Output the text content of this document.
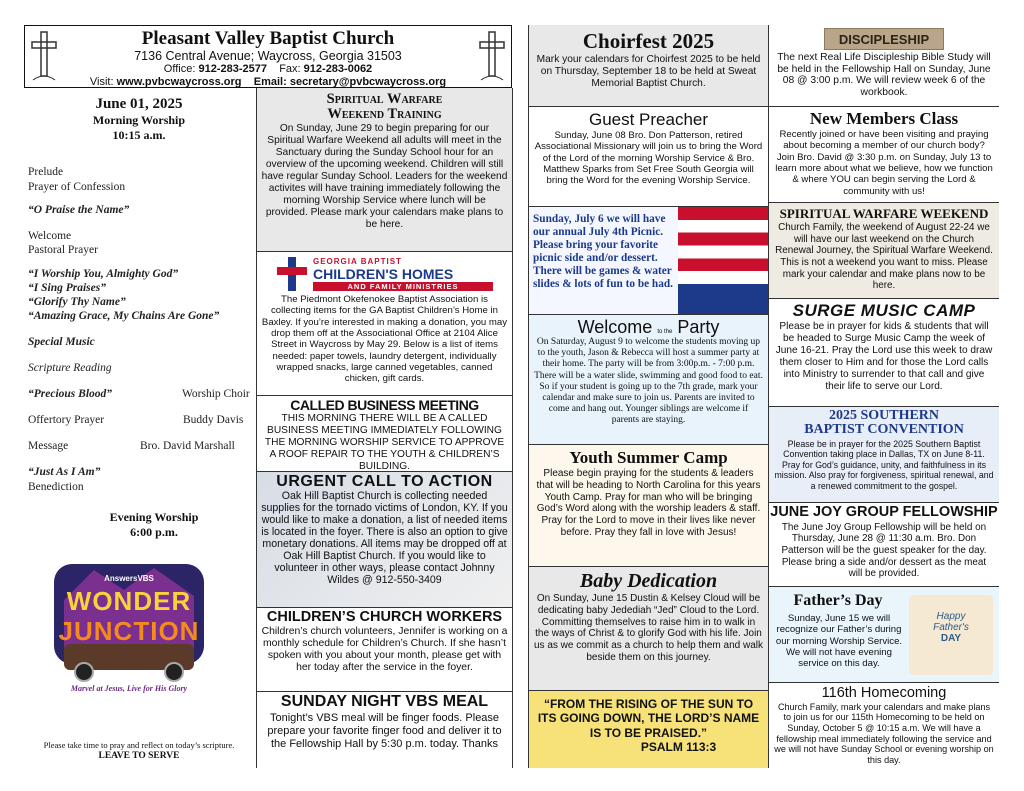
Pleasant Valley Baptist Church
7136 Central Avenue; Waycross, Georgia 31503
Office: 912-283-2577 Fax: 912-283-0062
Visit: www.pvbcwaycross.org Email: secretary@pvbcwaycross.org
June 01, 2025
Morning Worship
10:15 a.m.
Prelude
Prayer of Confession
“O Praise the Name”
Welcome
Pastoral Prayer
“I Worship You, Almighty God”
“I Sing Praises”
“Glorify Thy Name”
“Amazing Grace, My Chains Are Gone”
Special Music
Scripture Reading
“Precious Blood”	Worship Choir
Offertory Prayer	Buddy Davis
Message	Bro. David Marshall
“Just As I Am”
Benediction
Evening Worship
6:00 p.m.
AnswersVBS
WONDER
JUNCTION
Marvel at Jesus, Live for His Glory
Please take time to pray and reflect on today’s scripture.
LEAVE TO SERVE
Spiritual Warfare
Weekend Training
On Sunday, June 29 to begin preparing for our Spiritual Warfare Weekend all adults will meet in the Sanctuary during the Sunday School hour for an overview of the upcoming weekend. Children will still have regular Sunday School. Leaders for the weekend activites will have training immediately following the morning Worship Service where lunch will be provided. Please mark your calendars make plans to be here.
GEORGIA BAPTIST
CHILDREN'S HOMES
AND FAMILY MINISTRIES
The Piedmont Okefenokee Baptist Association is collecting items for the GA Baptist Children’s Home in Baxley. If you’re interested in making a donation, you may drop them off at the Associational Office at 2104 Alice Street in Waycross by May 29. Below is a list of items needed: paper towels, laundry detergent, individually wrapped snacks, large canned vegetables, canned chicken, gift cards.
CALLED BUSINESS MEETING
THIS MORNING THERE WILL BE A CALLED BUSINESS MEETING IMMEDIATELY FOLLOWING THE MORNING WORSHIP SERVICE TO APPROVE A ROOF REPAIR TO THE YOUTH & CHILDREN’S BUILDING.
URGENT CALL TO ACTION
Oak Hill Baptist Church is collecting needed supplies for the tornado victims of London, KY. If you would like to make a donation, a list of needed items is located in the foyer. There is also an option to give monetary donations. All items may be dropped off at Oak Hill Baptist Church. If you would like to volunteer in other ways, please contact Johnny Wildes @ 912-550-3409
CHILDREN’S CHURCH WORKERS
Children’s church volunteers, Jennifer is working on a monthly schedule for Children’s Church. If she hasn’t spoken with you about your month, please get with her today after the service in the foyer.
SUNDAY NIGHT VBS MEAL
Tonight’s VBS meal will be finger foods. Please prepare your favorite finger food and deliver it to the Fellowship Hall by 5:30 p.m. today. Thanks
Choirfest 2025
Mark your calendars for Choirfest 2025 to be held on Thursday, September 18 to be held at Sweat Memorial Baptist Church.
Guest Preacher
Sunday, June 08 Bro. Don Patterson, retired Associational Missionary will join us to bring the Word of the Lord of the morning Worship Service & Bro. Matthew Sparks from Set Free South Georgia will bring the Word for the evening Worship Service.
Sunday, July 6 we will have our annual July 4th Picnic. Please bring your favorite picnic side and/or dessert. There will be games & water slides & lots of fun to be had.
Welcome to the Party
On Saturday, August 9 to welcome the students moving up to the youth, Jason & Rebecca will host a summer party at their home. The party will be from 3:00p.m. - 7:00 p.m. There will be a water slide, swimming and good food to eat. So if your student is going up to the 7th grade, mark your calendar and make sure to join us. Parents are invited to come and hang out. Younger siblings are welcome if parents are staying.
Youth Summer Camp
Please begin praying for the students & leaders that will be heading to North Carolina for this years Youth Camp. Pray for man who will be bringing God’s Word along with the worship leaders & staff. Pray for the Lord to move in their lives like never before. Pray they fall in love with Jesus!
Baby Dedication
On Sunday, June 15 Dustin & Kelsey Cloud will be dedicating baby Jedediah “Jed” Cloud to the Lord. Committing themselves to raise him in to walk in the ways of Christ & to glorify God with his life. Join us as we commit as a church to help them and walk beside them on this journey.
“FROM THE RISING OF THE SUN TO ITS GOING DOWN, THE LORD’S NAME IS TO BE PRAISED.”
PSALM 113:3
DISCIPLESHIP
The next Real Life Discipleship Bible Study will be held in the Fellowship Hall on Sunday, June 08 @ 3:00 p.m. We will review week 6 of the workbook.
New Members Class
Recently joined or have been visiting and praying about becoming a member of our church body? Join Bro. David @ 3:30 p.m. on Sunday, July 13 to learn more about what we believe, how we function & where YOU can begin serving the Lord & community with us!
SPIRITUAL WARFARE WEEKEND
Church Family, the weekend of August 22-24 we will have our last weekend on the Church Renewal Journey, the Spiritual Warfare Weekend. This is not a weekend you want to miss. Please mark your calendar and make plans now to be here.
SURGE MUSIC CAMP
Please be in prayer for kids & students that will be headed to Surge Music Camp the week of June 16-21. Pray the Lord use this week to draw them closer to Him and for those the Lord calls into Ministry to surrender to that call and give their life to serve our Lord.
2025 SOUTHERN
BAPTIST CONVENTION
Please be in prayer for the 2025 Southern Baptist Convention taking place in Dallas, TX on June 8-11. Pray for God’s guidance, unity, and faithfulness in its mission. Also pray for forgiveness, spiritual renewal, and a renewed commitment to the gospel.
JUNE JOY GROUP FELLOWSHIP
The June Joy Group Fellowship will be held on Thursday, June 28 @ 11:30 a.m. Bro. Don Patterson will be the guest speaker for the day. Please bring a side and/or dessert as the meat will be provided.
Father’s Day
Sunday, June 15 we will recognize our Father’s during our morning Worship Service. We will not have evening service on this day.
Happy
Father's
DAY
116th Homecoming
Church Family, mark your calendars and make plans to join us for our 115th Homecoming to be held on Sunday, October 5 @ 10:15 a.m. We will have a fellowship meal immediately following the service and we will not have Sunday School or evening worship on this day.
